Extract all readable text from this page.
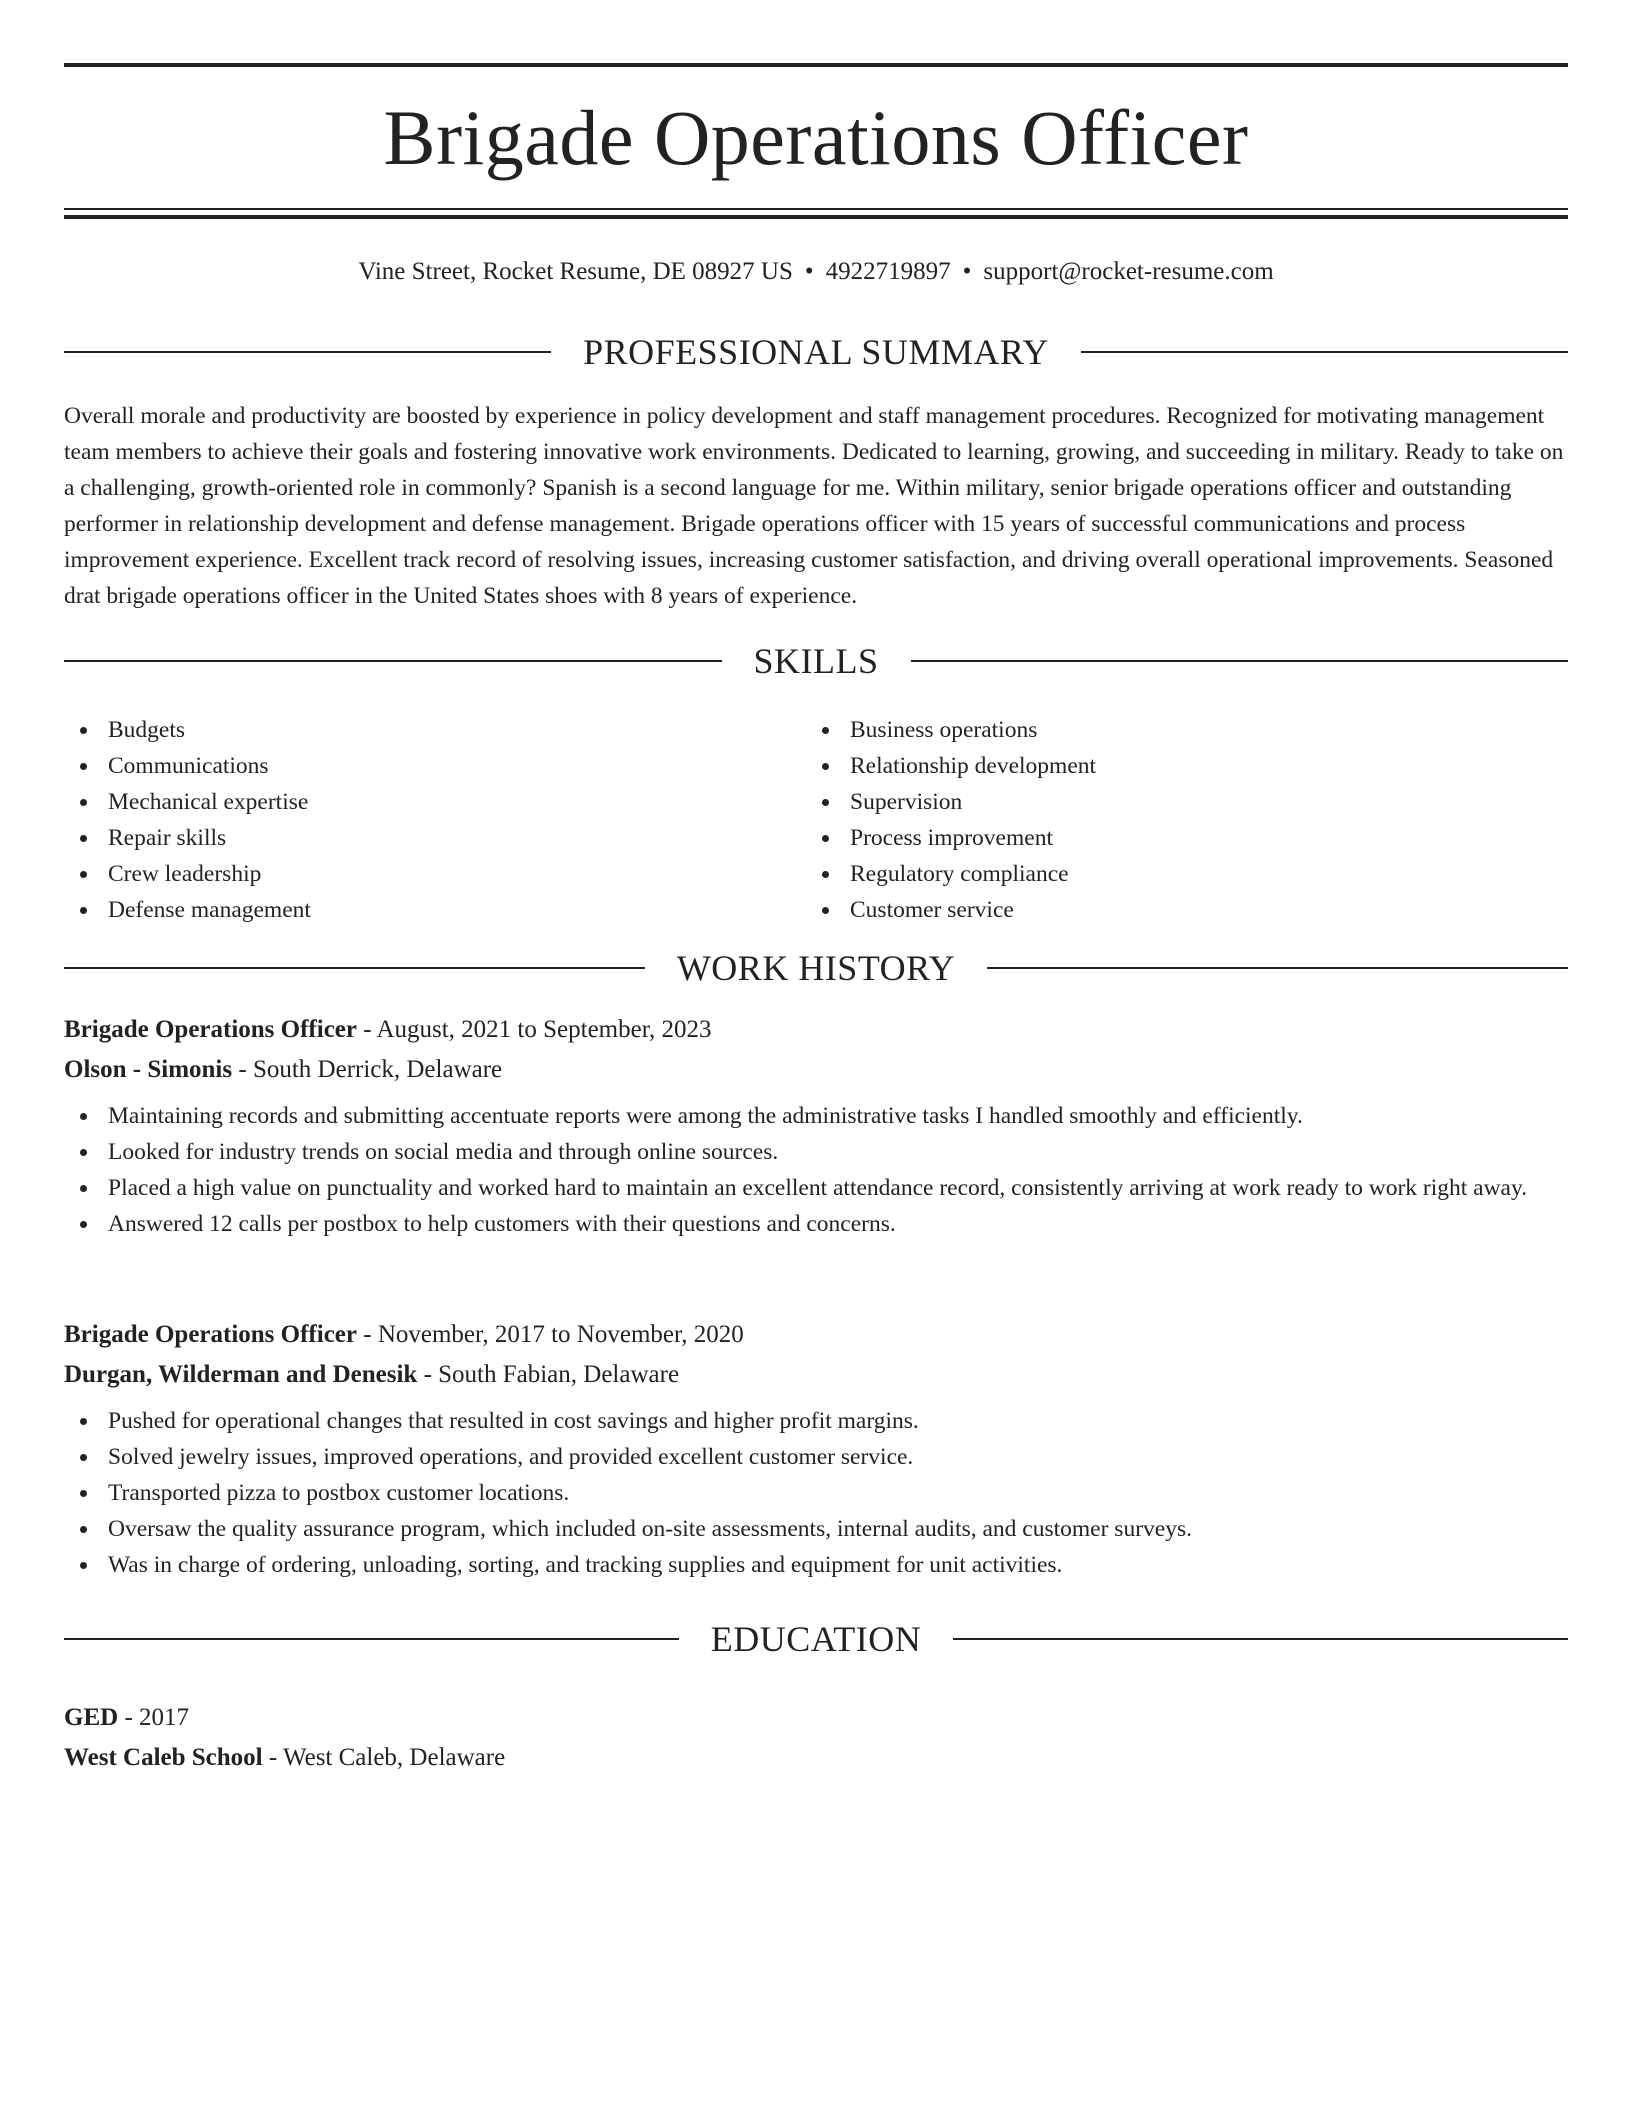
Brigade Operations Officer
Vine Street, Rocket Resume, DE 08927 US • 4922719897 • support@rocket-resume.com
PROFESSIONAL SUMMARY

Overall morale and productivity are boosted by experience in policy development and staff management procedures. Recognized for motivating management team members to achieve their goals and fostering innovative work environments. Dedicated to learning, growing, and succeeding in military. Ready to take on a challenging, growth-oriented role in commonly? Spanish is a second language for me. Within military, senior brigade operations officer and outstanding performer in relationship development and defense management. Brigade operations officer with 15 years of successful communications and process improvement experience. Excellent track record of resolving issues, increasing customer satisfaction, and driving overall operational improvements. Seasoned drat brigade operations officer in the United States shoes with 8 years of experience.

SKILLS
Budgets
Communications
Mechanical expertise
Repair skills
Crew leadership
Defense management
Business operations
Relationship development
Supervision
Process improvement
Regulatory compliance
Customer service
WORK HISTORY
Brigade Operations Officer - August, 2021 to September, 2023
Olson - Simonis - South Derrick, Delaware
Maintaining records and submitting accentuate reports were among the administrative tasks I handled smoothly and efficiently.
Looked for industry trends on social media and through online sources.
Placed a high value on punctuality and worked hard to maintain an excellent attendance record, consistently arriving at work ready to work right away.
Answered 12 calls per postbox to help customers with their questions and concerns.
Brigade Operations Officer - November, 2017 to November, 2020
Durgan, Wilderman and Denesik - South Fabian, Delaware
Pushed for operational changes that resulted in cost savings and higher profit margins.
Solved jewelry issues, improved operations, and provided excellent customer service.
Transported pizza to postbox customer locations.
Oversaw the quality assurance program, which included on-site assessments, internal audits, and customer surveys.
Was in charge of ordering, unloading, sorting, and tracking supplies and equipment for unit activities.
EDUCATION
GED - 2017
West Caleb School - West Caleb, Delaware
